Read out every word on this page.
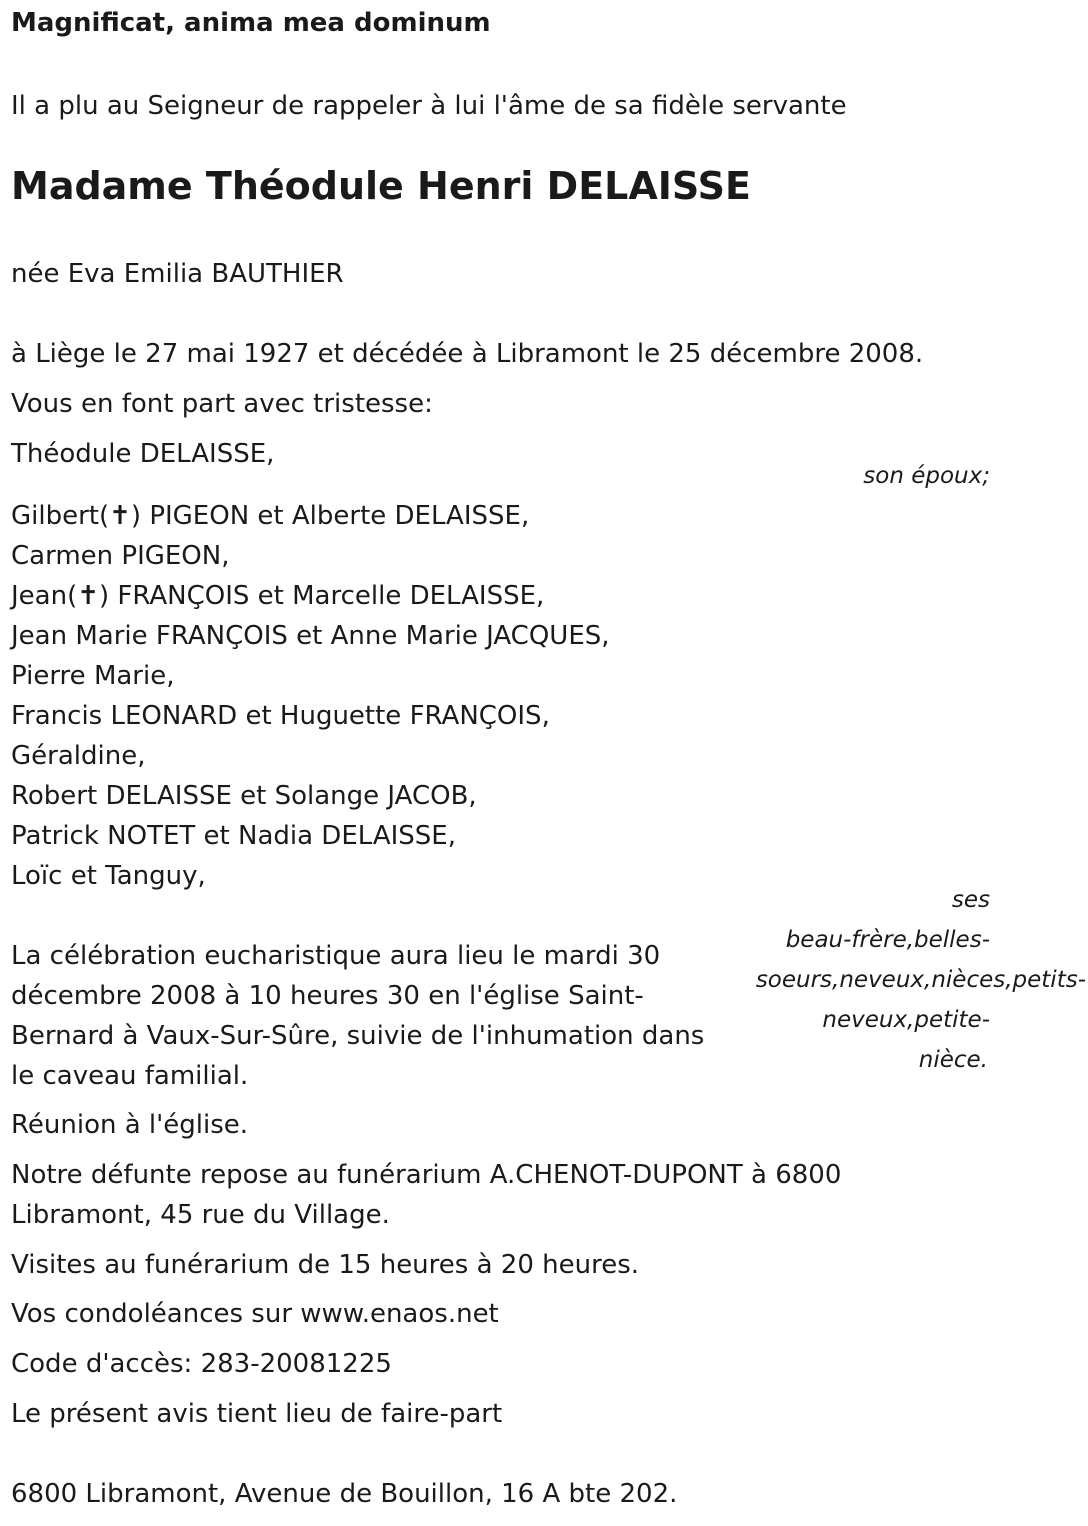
Magnificat, anima mea dominum
Il a plu au Seigneur de rappeler à lui l'âme de sa fidèle servante
Madame Théodule Henri DELAISSE
née Eva Emilia BAUTHIER
à Liège le 27 mai 1927 et décédée à Libramont le 25 décembre 2008.
Vous en font part avec tristesse:
Théodule DELAISSE,
son époux;
Gilbert(✝) PIGEON et Alberte DELAISSE,
Carmen PIGEON,
Jean(✝) FRANÇOIS et Marcelle DELAISSE,
Jean Marie FRANÇOIS et Anne Marie JACQUES,
Pierre Marie,
Francis LEONARD et Huguette FRANÇOIS,
Géraldine,
Robert DELAISSE et Solange JACOB,
Patrick NOTET et Nadia DELAISSE,
Loïc et Tanguy,
ses
beau-frère,belles-
soeurs,neveux,nièces,petits-
neveux,petite-
nièce.
La célébration eucharistique aura lieu le mardi 30 décembre 2008 à 10 heures 30 en l'église Saint-Bernard à Vaux-Sur-Sûre, suivie de l'inhumation dans le caveau familial.
Réunion à l'église.
Notre défunte repose au funérarium A.CHENOT-DUPONT à 6800 Libramont, 45 rue du Village.
Visites au funérarium de 15 heures à 20 heures.
Vos condoléances sur www.enaos.net
Code d'accès: 283-20081225
Le présent avis tient lieu de faire-part
6800 Libramont, Avenue de Bouillon, 16 A bte 202.
